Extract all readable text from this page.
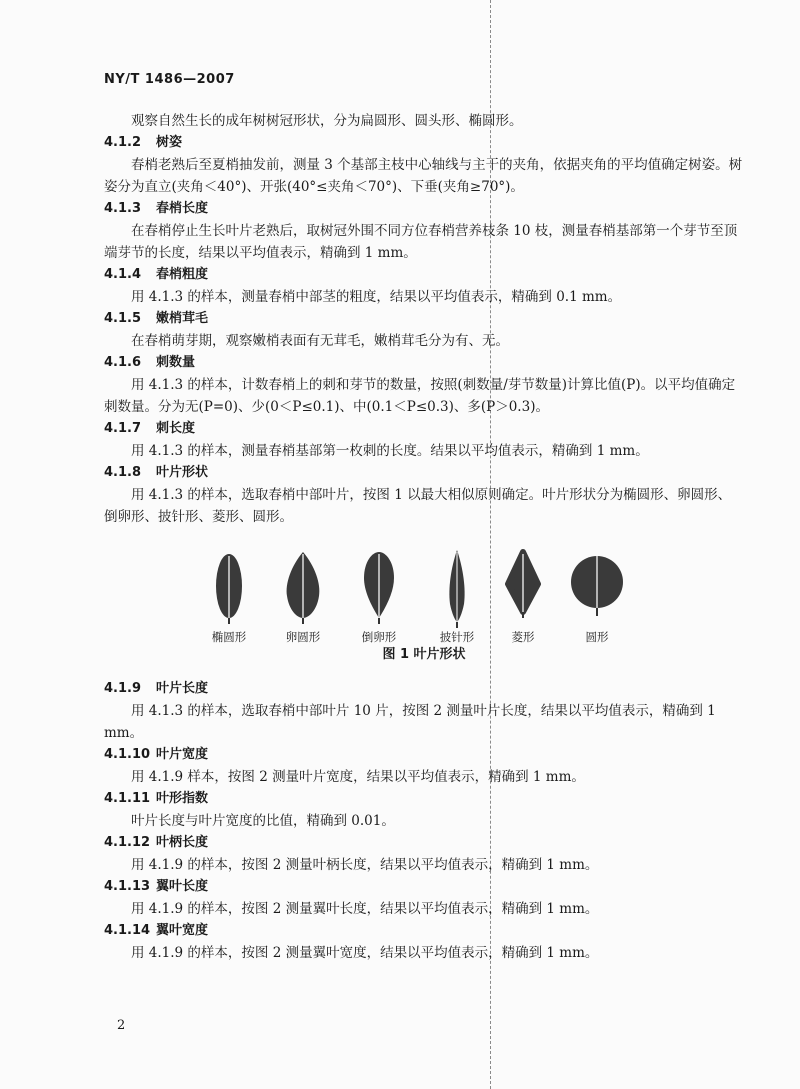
NY/T 1486—2007

观察自然生长的成年树树冠形状，分为扁圆形、圆头形、椭圆形。

4.1.2 树姿

春梢老熟后至夏梢抽发前，测量 3 个基部主枝中心轴线与主干的夹角，依据夹角的平均值确定树姿。树姿分为直立(夹角＜40°)、开张(40°≤夹角＜70°)、下垂(夹角≥70°)。

4.1.3 春梢长度

在春梢停止生长叶片老熟后，取树冠外围不同方位春梢营养枝条 10 枝，测量春梢基部第一个芽节至顶端芽节的长度，结果以平均值表示，精确到 1 mm。

4.1.4 春梢粗度

用 4.1.3 的样本，测量春梢中部茎的粗度，结果以平均值表示，精确到 0.1 mm。

4.1.5 嫩梢茸毛

在春梢萌芽期，观察嫩梢表面有无茸毛，嫩梢茸毛分为有、无。

4.1.6 刺数量

用 4.1.3 的样本，计数春梢上的刺和芽节的数量，按照(刺数量/芽节数量)计算比值(P)。以平均值确定刺数量。分为无(P=0)、少(0＜P≤0.1)、中(0.1＜P≤0.3)、多(P＞0.3)。

4.1.7 刺长度

用 4.1.3 的样本，测量春梢基部第一枚刺的长度。结果以平均值表示，精确到 1 mm。

4.1.8 叶片形状

用 4.1.3 的样本，选取春梢中部叶片，按图 1 以最大相似原则确定。叶片形状分为椭圆形、卵圆形、倒卵形、披针形、菱形、圆形。

椭圆形	卵圆形	倒卵形	披针形	菱形	圆形
图 1 叶片形状
4.1.9 叶片长度

用 4.1.3 的样本，选取春梢中部叶片 10 片，按图 2 测量叶片长度，结果以平均值表示，精确到 1 mm。

4.1.10 叶片宽度

用 4.1.9 样本，按图 2 测量叶片宽度，结果以平均值表示，精确到 1 mm。

4.1.11 叶形指数

叶片长度与叶片宽度的比值，精确到 0.01。

4.1.12 叶柄长度

用 4.1.9 的样本，按图 2 测量叶柄长度，结果以平均值表示，精确到 1 mm。

4.1.13 翼叶长度

用 4.1.9 的样本，按图 2 测量翼叶长度，结果以平均值表示，精确到 1 mm。

4.1.14 翼叶宽度

用 4.1.9 的样本，按图 2 测量翼叶宽度，结果以平均值表示，精确到 1 mm。

2
